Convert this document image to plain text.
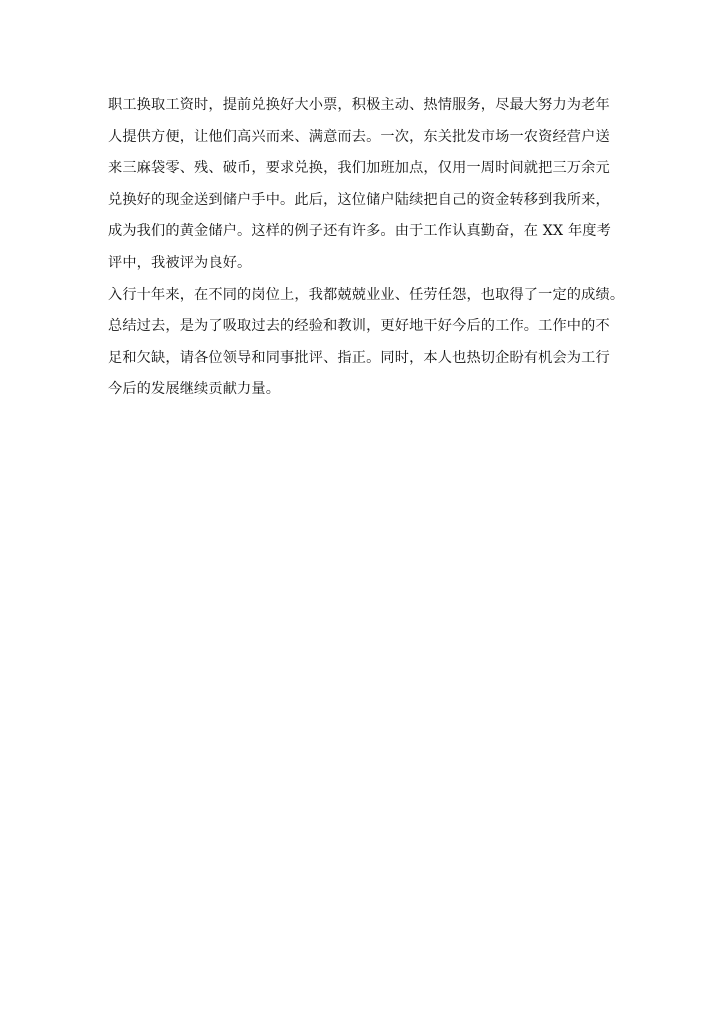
职工换取工资时，提前兑换好大小票，积极主动、热情服务，尽最大努力为老年
人提供方便，让他们高兴而来、满意而去。一次，东关批发市场一农资经营户送
来三麻袋零、残、破币，要求兑换，我们加班加点，仅用一周时间就把三万余元
兑换好的现金送到储户手中。此后，这位储户陆续把自己的资金转移到我所来，
成为我们的黄金储户。这样的例子还有许多。由于工作认真勤奋，在 XX 年度考
评中，我被评为良好。
入行十年来，在不同的岗位上，我都兢兢业业、任劳任怨，也取得了一定的成绩。
总结过去，是为了吸取过去的经验和教训，更好地干好今后的工作。工作中的不
足和欠缺，请各位领导和同事批评、指正。同时，本人也热切企盼有机会为工行
今后的发展继续贡献力量。
